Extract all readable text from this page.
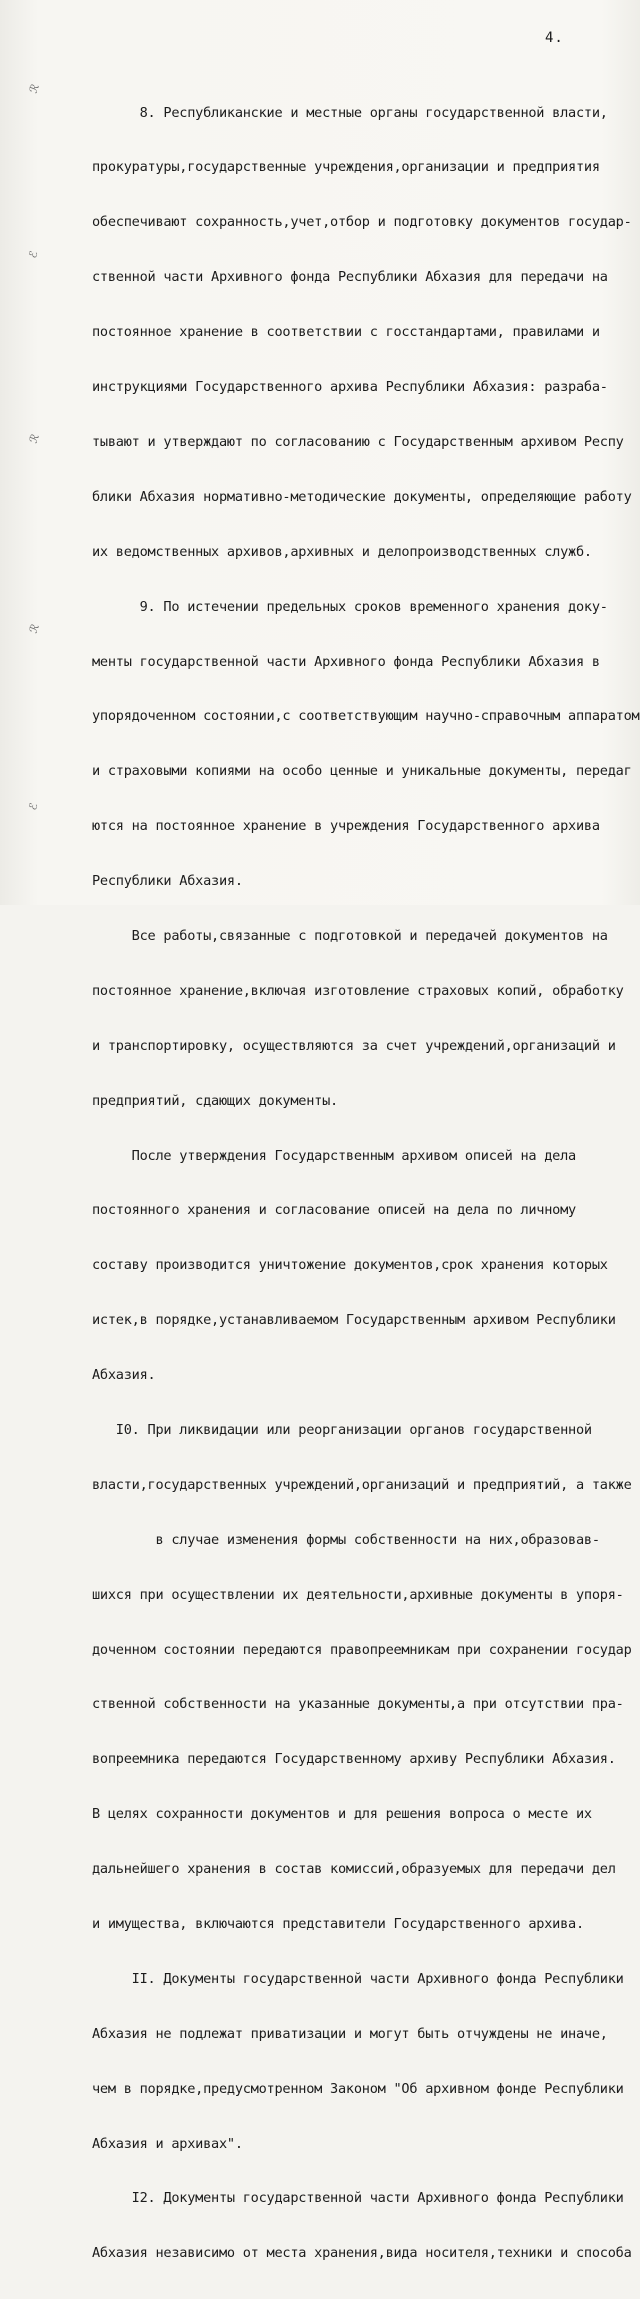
4.
ℛ
ℰ
ℛ
ℛ
ℰ

8. Республиканские и местные органы государственной власти,

прокуратуры,государственные учреждения,организации и предприятия

обеспечивают сохранность,учет,отбор и подготовку документов государ-

ственной части Архивного фонда Республики Абхазия для передачи на

постоянное хранение в соответствии с госстандартами, правилами и

инструкциями Государственного архива Республики Абхазия: разраба-

тывают и утверждают по согласованию с Государственным архивом Респу

блики Абхазия нормативно-методические документы, определяющие работу

их ведомственных архивов,архивных и делопроизводственных служб.

9. По истечении предельных сроков временного хранения доку-

менты государственной части Архивного фонда Республики Абхазия в

упорядоченном состоянии,с соответствующим научно-справочным аппаратом

и страховыми копиями на особо ценные и уникальные документы, передаг

ются на постоянное хранение в учреждения Государственного архива

Республики Абхазия.

Все работы,связанные с подготовкой и передачей документов на

постоянное хранение,включая изготовление страховых копий, обработку

и транспортировку, осуществляются за счет учреждений,организаций и

предприятий, сдающих документы.

После утверждения Государственным архивом описей на дела

постоянного хранения и согласование описей на дела по личному

составу производится уничтожение документов,срок хранения которых

истек,в порядке,устанавливаемом Государственным архивом Республики

Абхазия.

I0. При ликвидации или реорганизации органов государственной

власти,государственных учреждений,организаций и предприятий, а также

в случае изменения формы собственности на них,образовав-

шихся при осуществлении их деятельности,архивные документы в упоря-

доченном состоянии передаются правопреемникам при сохранении государ

ственной собственности на указанные документы,а при отсутствии пра-

вопреемника передаются Государственному архиву Республики Абхазия.

В целях сохранности документов и для решения вопроса о месте их

дальнейшего хранения в состав комиссий,образуемых для передачи дел

и имущества, включаются представители Государственного архива.

II. Документы государственной части Архивного фонда Республики

Абхазия не подлежат приватизации и могут быть отчуждены не иначе,

чем в порядке,предусмотренном Законом "Об архивном фонде Республики

Абхазия и архивах".

I2. Документы государственной части Архивного фонда Республики

Абхазия независимо от места хранения,вида носителя,техники и способа
